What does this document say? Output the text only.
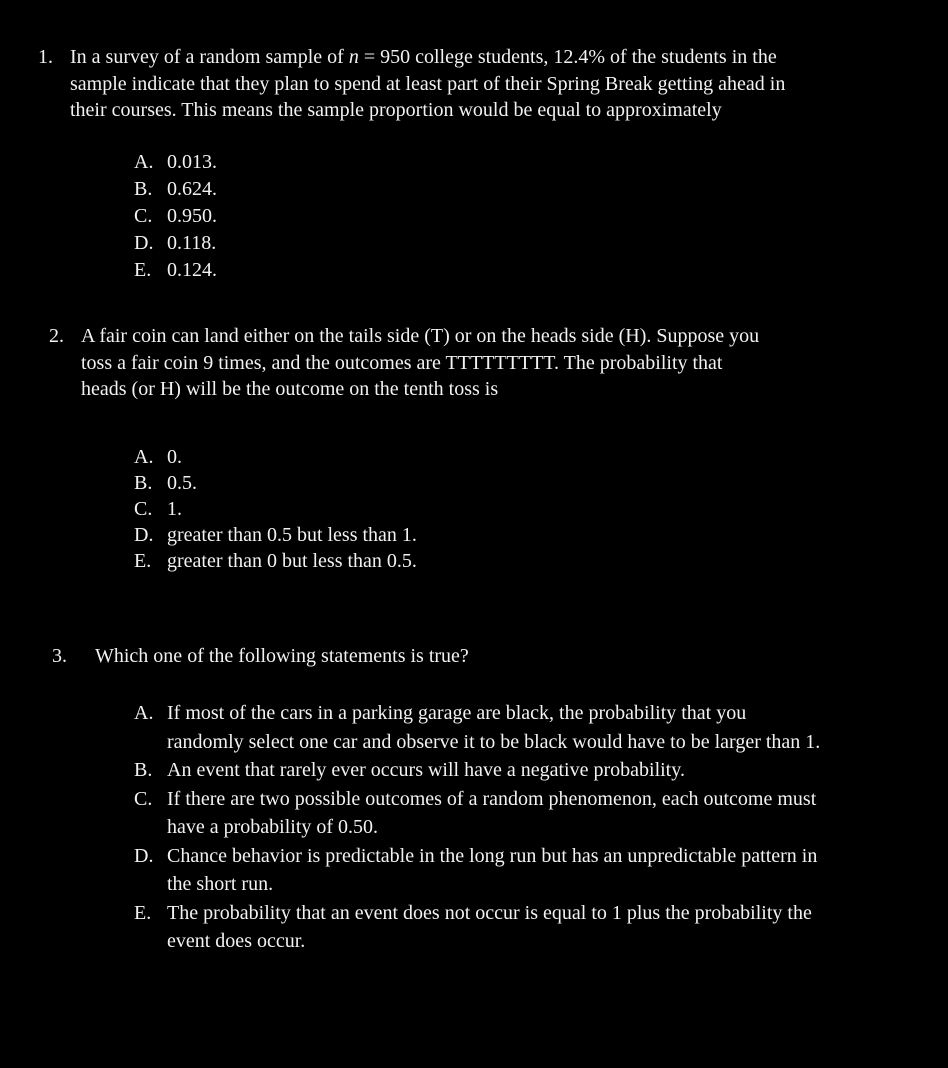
1. In a survey of a random sample of n = 950 college students, 12.4% of the students in the
sample indicate that they plan to spend at least part of their Spring Break getting ahead in
their courses. This means the sample proportion would be equal to approximately
A. 0.013.
B. 0.624.
C. 0.950.
D. 0.118.
E. 0.124.
2. A fair coin can land either on the tails side (T) or on the heads side (H). Suppose you
toss a fair coin 9 times, and the outcomes are TTTTTTTTT. The probability that
heads (or H) will be the outcome on the tenth toss is
A. 0.
B. 0.5.
C. 1.
D. greater than 0.5 but less than 1.
E. greater than 0 but less than 0.5.
3. Which one of the following statements is true?
A. If most of the cars in a parking garage are black, the probability that you
randomly select one car and observe it to be black would have to be larger than 1.
B. An event that rarely ever occurs will have a negative probability.
C. If there are two possible outcomes of a random phenomenon, each outcome must
have a probability of 0.50.
D. Chance behavior is predictable in the long run but has an unpredictable pattern in
the short run.
E. The probability that an event does not occur is equal to 1 plus the probability the
event does occur.
